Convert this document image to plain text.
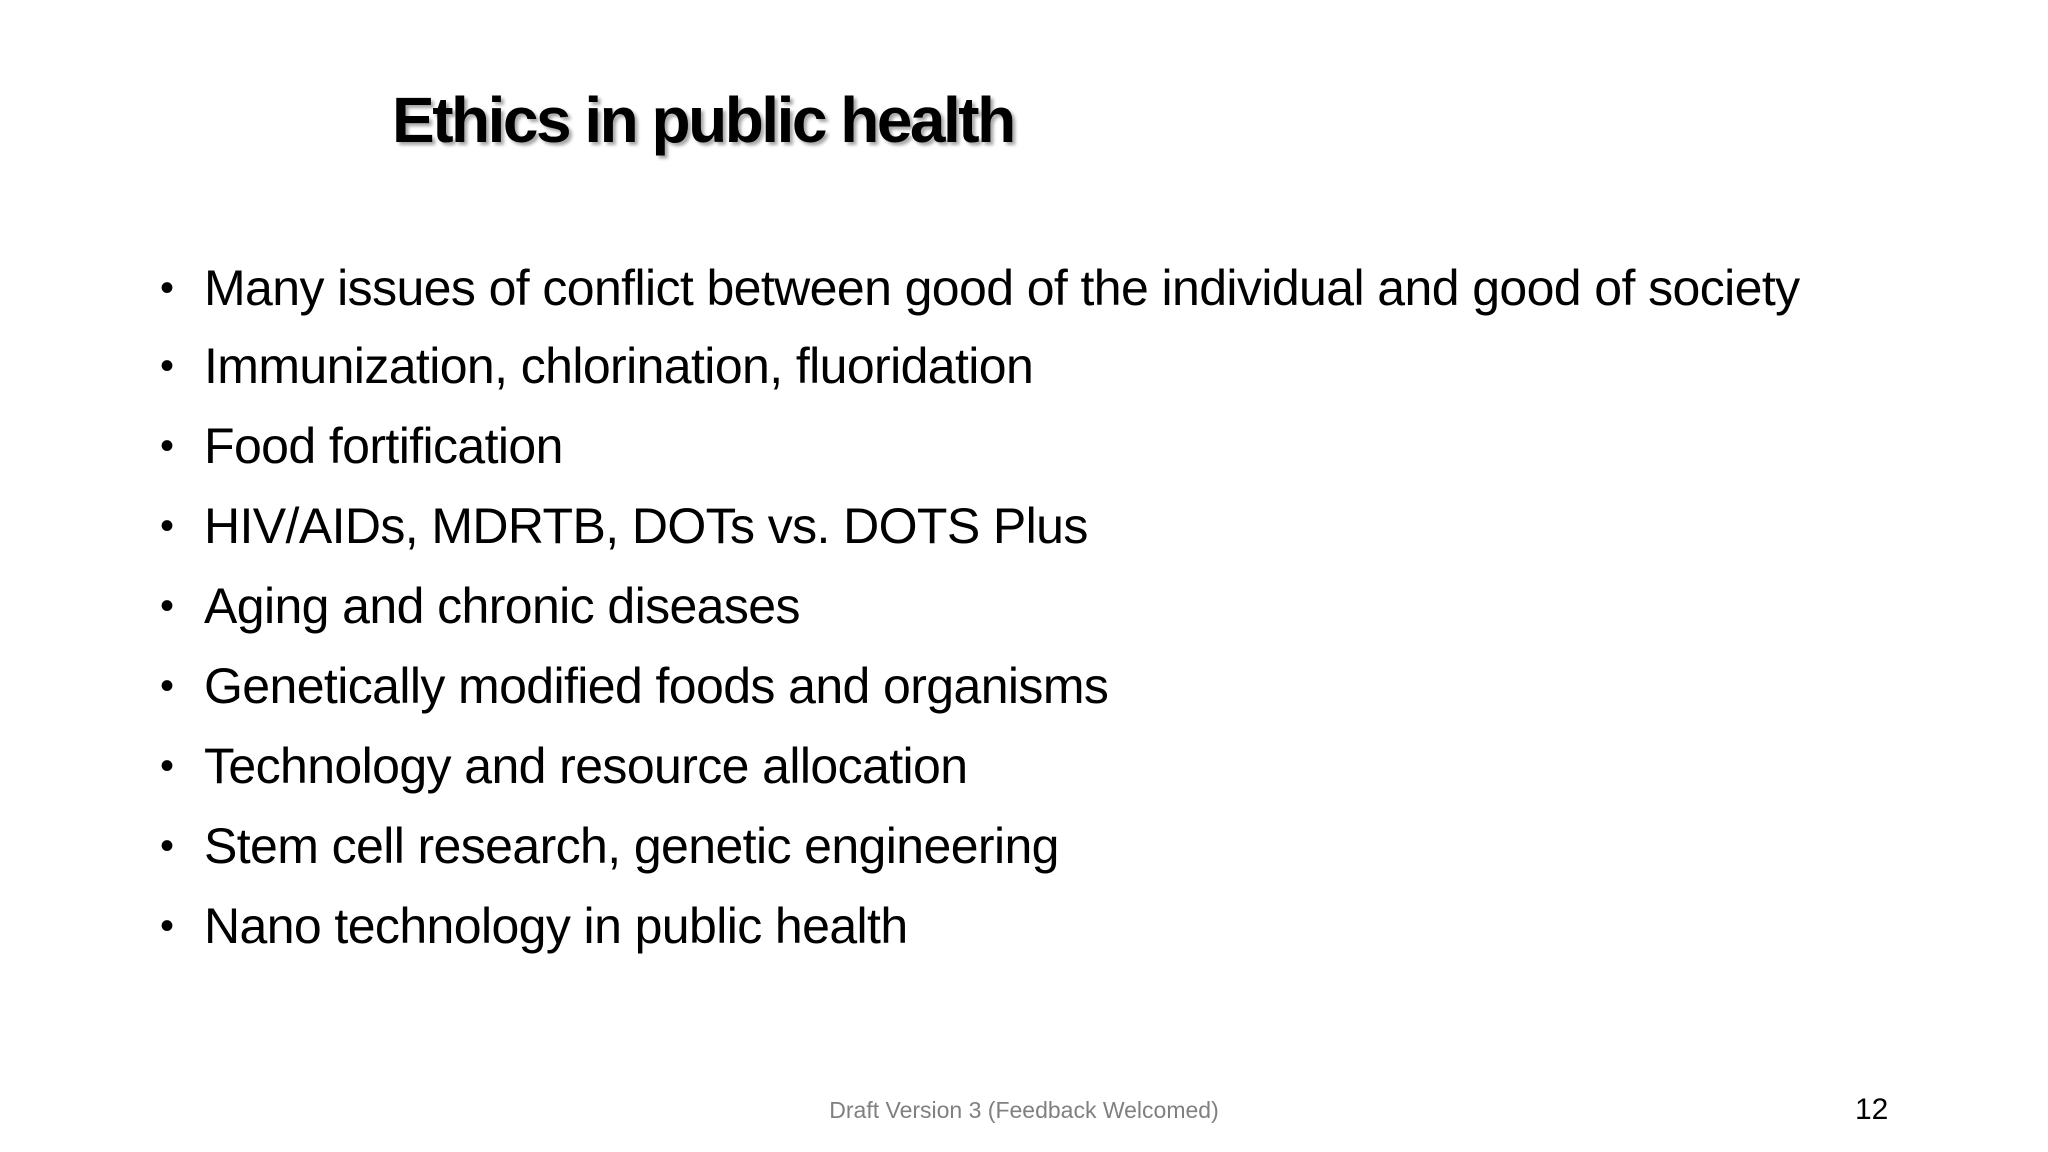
Ethics in public health
• Many issues of conflict between good of the individual and good of society
• Immunization, chlorination, fluoridation
• Food fortification
• HIV/AIDs, MDRTB, DOTs vs. DOTS Plus
• Aging and chronic diseases
• Genetically modified foods and organisms
• Technology and resource allocation
• Stem cell research, genetic engineering
• Nano technology in public health
Draft Version 3 (Feedback Welcomed)	12
